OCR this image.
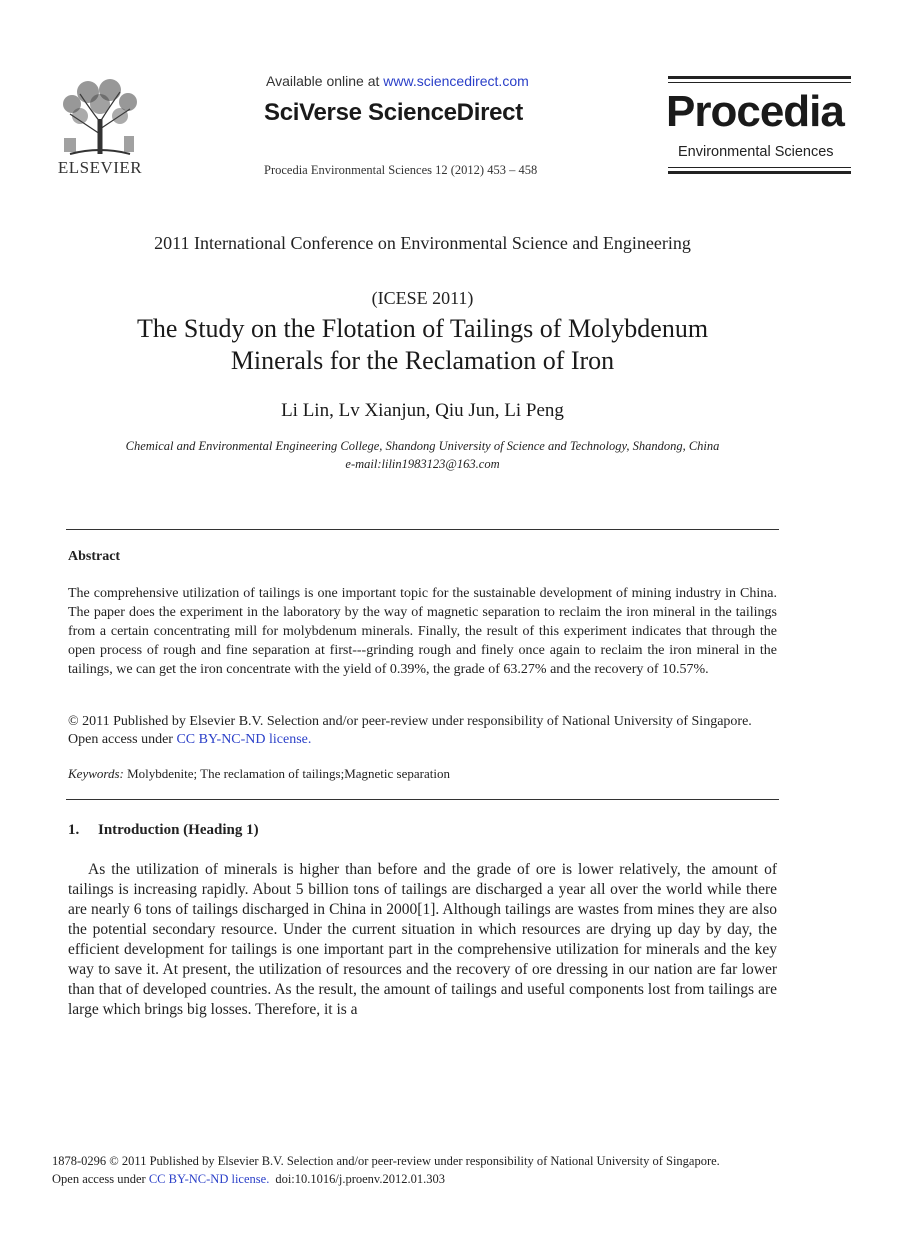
ELSEVIER
Available online at www.sciencedirect.com
SciVerse ScienceDirect
Procedia Environmental Sciences 12 (2012) 453 – 458
Procedia
Environmental Sciences
2011 International Conference on Environmental Science and Engineering
(ICESE 2011)
The Study on the Flotation of Tailings of Molybdenum Minerals for the Reclamation of Iron
Li Lin, Lv Xianjun, Qiu Jun, Li Peng
Chemical and Environmental Engineering College, Shandong University of Science and Technology, Shandong, China
e-mail:lilin1983123@163.com
Abstract
The comprehensive utilization of tailings is one important topic for the sustainable development of mining industry in China. The paper does the experiment in the laboratory by the way of magnetic separation to reclaim the iron mineral in the tailings from a certain concentrating mill for molybdenum minerals. Finally, the result of this experiment indicates that through the open process of rough and fine separation at first---grinding rough and finely once again to reclaim the iron mineral in the tailings, we can get the iron concentrate with the yield of 0.39%, the grade of 63.27% and the recovery of 10.57%.
© 2011 Published by Elsevier B.V. Selection and/or peer-review under responsibility of National University of Singapore.
Open access under CC BY-NC-ND license.
Keywords: Molybdenite; The reclamation of tailings;Magnetic separation
1. Introduction (Heading 1)
As the utilization of minerals is higher than before and the grade of ore is lower relatively, the amount of tailings is increasing rapidly. About 5 billion tons of tailings are discharged a year all over the world while there are nearly 6 tons of tailings discharged in China in 2000[1]. Although tailings are wastes from mines they are also the potential secondary resource. Under the current situation in which resources are drying up day by day, the efficient development for tailings is one important part in the comprehensive utilization for minerals and the key way to save it. At present, the utilization of resources and the recovery of ore dressing in our nation are far lower than that of developed countries. As the result, the amount of tailings and useful components lost from tailings are large which brings big losses. Therefore, it is a
1878-0296 © 2011 Published by Elsevier B.V. Selection and/or peer-review under responsibility of National University of Singapore.
Open access under CC BY-NC-ND license. doi:10.1016/j.proenv.2012.01.303
